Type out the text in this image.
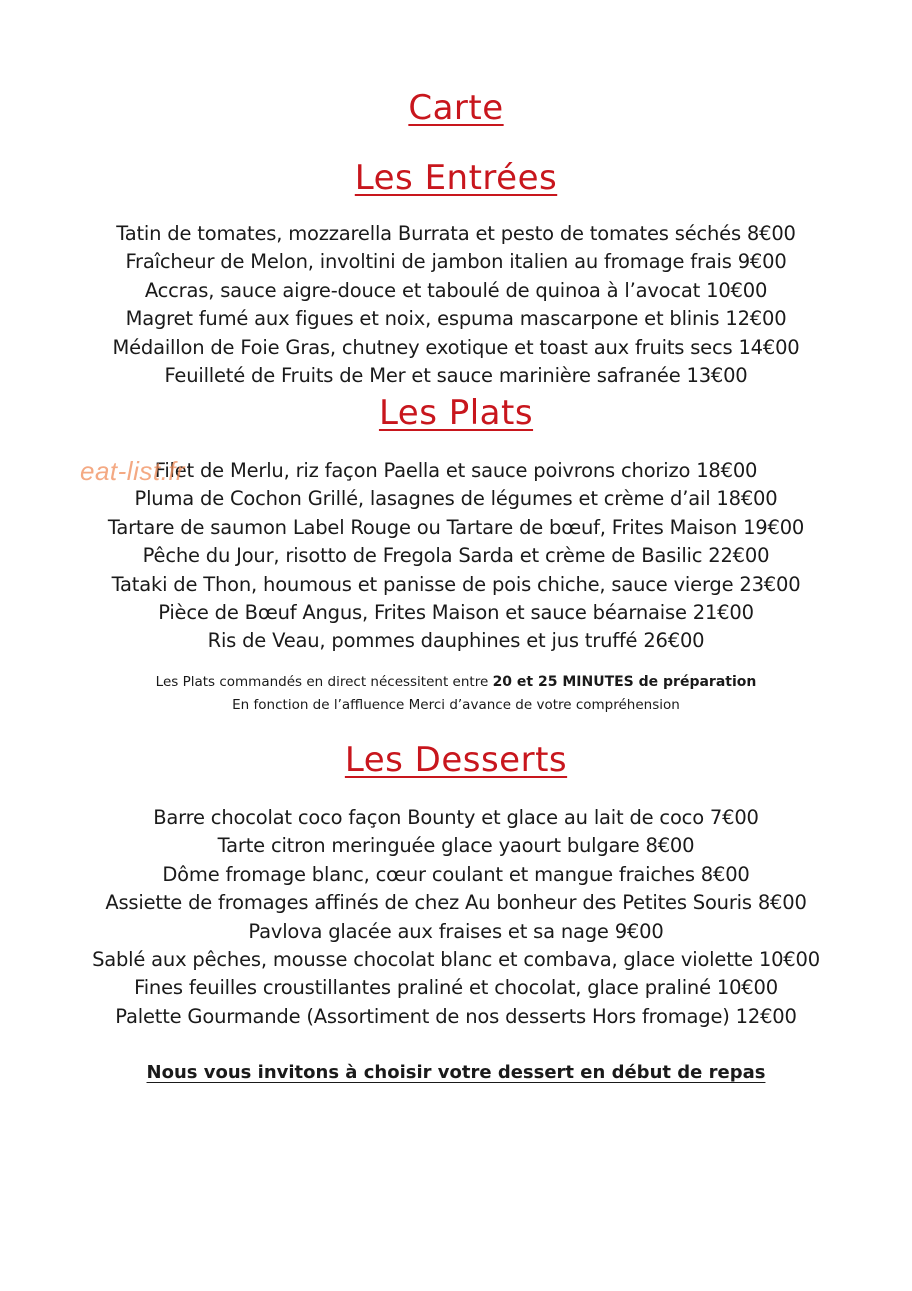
Carte
Les Entrées
Tatin de tomates, mozzarella Burrata et pesto de tomates séchés 8€00
Fraîcheur de Melon, involtini de jambon italien au fromage frais 9€00
Accras, sauce aigre-douce et taboulé de quinoa à l’avocat 10€00
Magret fumé aux figues et noix, espuma mascarpone et blinis 12€00
Médaillon de Foie Gras, chutney exotique et toast aux fruits secs 14€00
Feuilleté de Fruits de Mer et sauce marinière safranée 13€00
Les Plats
Filet de Merlu, riz façon Paella et sauce poivrons chorizo 18€00
Pluma de Cochon Grillé, lasagnes de légumes et crème d’ail 18€00
Tartare de saumon Label Rouge ou Tartare de bœuf, Frites Maison 19€00
Pêche du Jour, risotto de Fregola Sarda et crème de Basilic 22€00
Tataki de Thon, houmous et panisse de pois chiche, sauce vierge 23€00
Pièce de Bœuf Angus, Frites Maison et sauce béarnaise 21€00
Ris de Veau, pommes dauphines et jus truffé 26€00
Les Plats commandés en direct nécessitent entre 20 et 25 MINUTES de préparation
En fonction de l’affluence Merci d’avance de votre compréhension
Les Desserts
Barre chocolat coco façon Bounty et glace au lait de coco 7€00
Tarte citron meringuée glace yaourt bulgare 8€00
Dôme fromage blanc, cœur coulant et mangue fraiches 8€00
Assiette de fromages affinés de chez Au bonheur des Petites Souris 8€00
Pavlova glacée aux fraises et sa nage 9€00
Sablé aux pêches, mousse chocolat blanc et combava, glace violette 10€00
Fines feuilles croustillantes praliné et chocolat, glace praliné 10€00
Palette Gourmande (Assortiment de nos desserts Hors fromage) 12€00
Nous vous invitons à choisir votre dessert en début de repas
eat-list.fr
